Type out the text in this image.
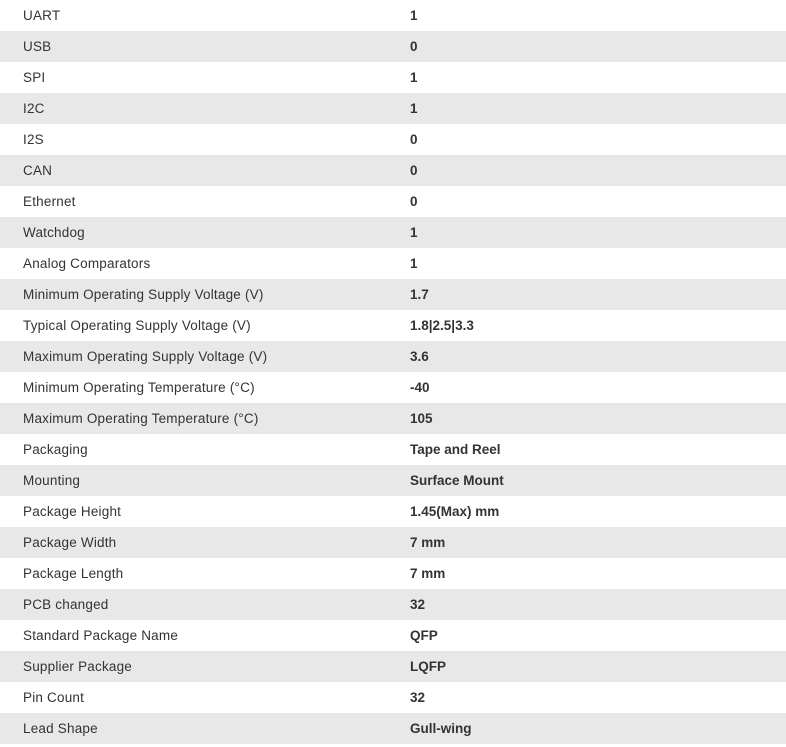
UART	1
USB	0
SPI	1
I2C	1
I2S	0
CAN	0
Ethernet	0
Watchdog	1
Analog Comparators	1
Minimum Operating Supply Voltage (V)	1.7
Typical Operating Supply Voltage (V)	1.8|2.5|3.3
Maximum Operating Supply Voltage (V)	3.6
Minimum Operating Temperature (°C)	-40
Maximum Operating Temperature (°C)	105
Packaging	Tape and Reel
Mounting	Surface Mount
Package Height	1.45(Max) mm
Package Width	7 mm
Package Length	7 mm
PCB changed	32
Standard Package Name	QFP
Supplier Package	LQFP
Pin Count	32
Lead Shape	Gull-wing
